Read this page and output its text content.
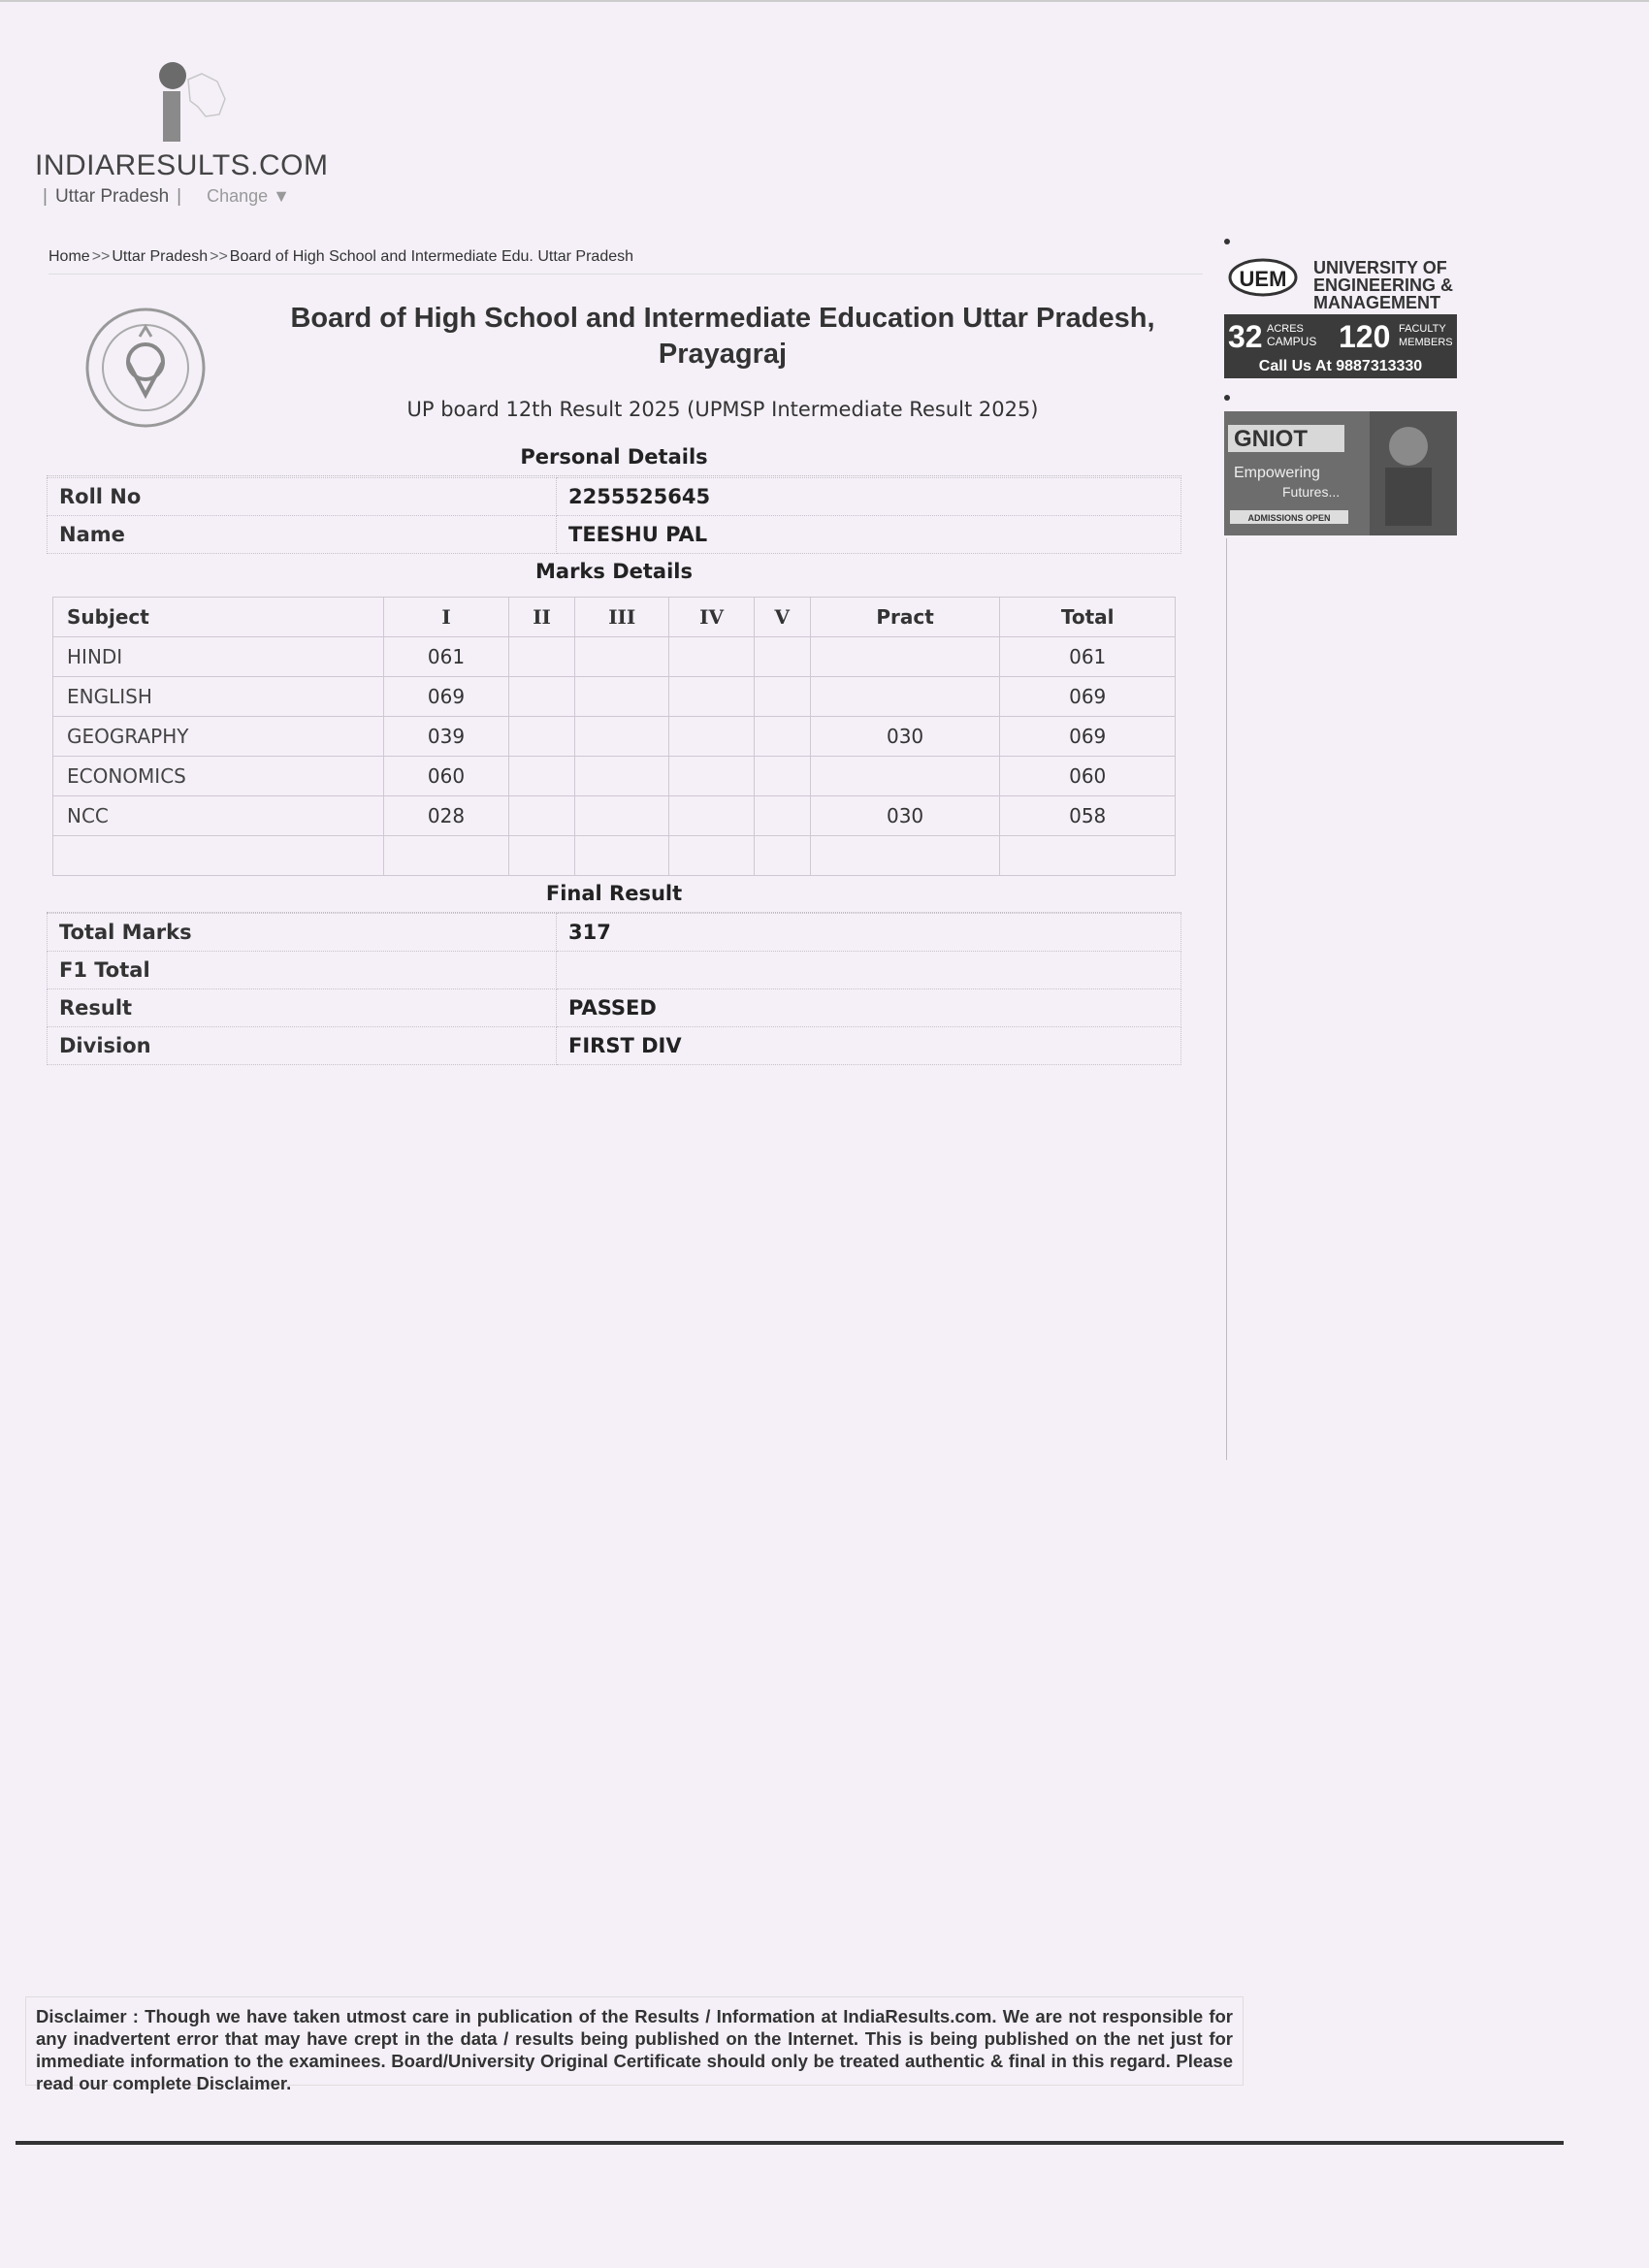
INDIARESULTS.COM
| Uttar Pradesh | Change ▼
Home >> Uttar Pradesh >> Board of High School and Intermediate Edu. Uttar Pradesh
Board of High School and Intermediate Education Uttar Pradesh, Prayagraj
UP board 12th Result 2025 (UPMSP Intermediate Result 2025)
Personal Details
Roll No	2255525645
Name	TEESHU PAL
Marks Details
Subject	I	II	III	IV	V	Pract	Total
HINDI	061						061
ENGLISH	069						069
GEOGRAPHY	039					030	069
ECONOMICS	060						060
NCC	028					030	058

Final Result
Total Marks	317
F1 Total	
Result	PASSED
Division	FIRST DIV
UEM UNIVERSITY OF
ENGINEERING &
MANAGEMENT
32 ACRES
CAMPUS 120 FACULTY
MEMBERS
Call Us At 9887313330
GNIOT
Empowering
Futures...
ADMISSIONS OPEN
Disclaimer : Though we have taken utmost care in publication of the Results / Information at IndiaResults.com. We are not responsible for any inadvertent error that may have crept in the data / results being published on the Internet. This is being published on the net just for immediate information to the examinees. Board/University Original Certificate should only be treated authentic & final in this regard. Please read our complete Disclaimer.
